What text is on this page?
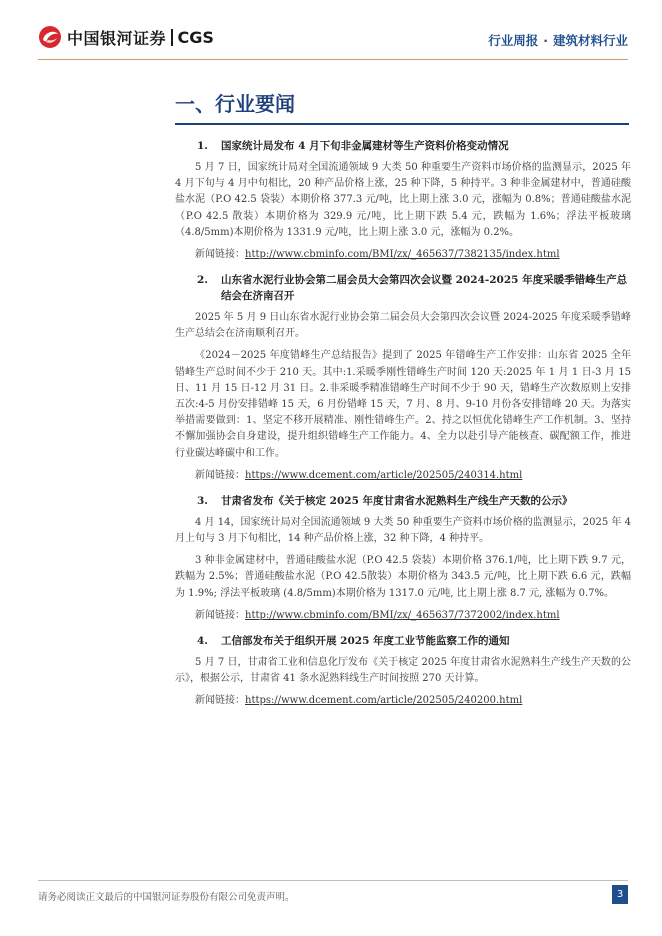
中国银河证券 CGS	行业周报 · 建筑材料行业
一、行业要闻
1. 国家统计局发布 4 月下旬非金属建材等生产资料价格变动情况

5 月 7 日，国家统计局对全国流通领域 9 大类 50 种重要生产资料市场价格的监测显示，2025 年 4 月下旬与 4 月中旬相比，20 种产品价格上涨，25 种下降，5 种持平。3 种非金属建材中，普通硅酸盐水泥（P.O 42.5 袋装）本期价格 377.3 元/吨，比上期上涨 3.0 元，涨幅为 0.8%；普通硅酸盐水泥（P.O 42.5 散装）本期价格为 329.9 元/吨，比上期下跌 5.4 元，跌幅为 1.6%；浮法平板玻璃（4.8/5mm)本期价格为 1331.9 元/吨，比上期上涨 3.0 元，涨幅为 0.2%。

新闻链接：http://www.cbminfo.com/BMI/zx/_465637/7382135/index.html

2. 山东省水泥行业协会第二届会员大会第四次会议暨 2024-2025 年度采暖季错峰生产总结会在济南召开

2025 年 5 月 9 日山东省水泥行业协会第二届会员大会第四次会议暨 2024-2025 年度采暖季错峰生产总结会在济南顺利召开。

《2024－2025 年度错峰生产总结报告》提到了 2025 年错峰生产工作安排：山东省 2025 全年错峰生产总时间不少于 210 天。其中:1.采暖季刚性错峰生产时间 120 天:2025 年 1 月 1 日-3 月 15 日、11 月 15 日-12 月 31 日。2.非采暖季精准错峰生产时间不少于 90 天，错峰生产次数原则上安排五次:4-5 月份安排错峰 15 天，6 月份错峰 15 天，7 月、8 月、9-10 月份各安排错峰 20 天。为落实举措需要做到：1、坚定不移开展精准、刚性错峰生产。2、持之以恒优化错峰生产工作机制。3、坚持不懈加强协会自身建设，提升组织错峰生产工作能力。4、全力以赴引导产能核查、碳配额工作，推进行业碳达峰碳中和工作。

新闻链接：https://www.dcement.com/article/202505/240314.html

3. 甘肃省发布《关于核定 2025 年度甘肃省水泥熟料生产线生产天数的公示》

4 月 14，国家统计局对全国流通领域 9 大类 50 种重要生产资料市场价格的监测显示，2025 年 4 月上旬与 3 月下旬相比，14 种产品价格上涨，32 种下降，4 种持平。

3 种非金属建材中，普通硅酸盐水泥（P.O 42.5 袋装）本期价格 376.1/吨，比上期下跌 9.7 元，跌幅为 2.5%；普通硅酸盐水泥（P.O 42.5散装）本期价格为 343.5 元/吨，比上期下跌 6.6 元，跌幅为 1.9%; 浮法平板玻璃 (4.8/5mm)本期价格为 1317.0 元/吨, 比上期上涨 8.7 元, 涨幅为 0.7%。

新闻链接：http://www.cbminfo.com/BMI/zx/_465637/7372002/index.html

4. 工信部发布关于组织开展 2025 年度工业节能监察工作的通知

5 月 7 日，甘肃省工业和信息化厅发布《关于核定 2025 年度甘肃省水泥熟料生产线生产天数的公示》，根据公示，甘肃省 41 条水泥熟料线生产时间按照 270 天计算。

新闻链接：https://www.dcement.com/article/202505/240200.html

请务必阅读正文最后的中国银河证券股份有限公司免责声明。	3
